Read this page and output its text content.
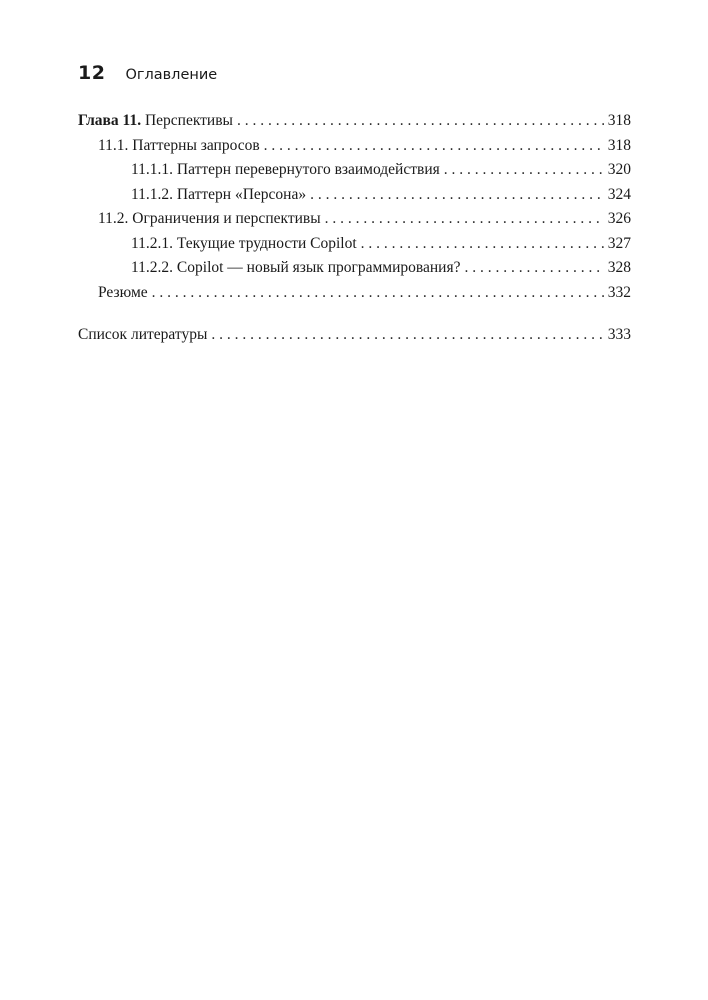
12 Оглавление
Глава 11. Перспективы . . .	318
11.1. Паттерны запросов . . .	318
11.1.1. Паттерн перевернутого взаимодействия . . .	320
11.1.2. Паттерн «Персона» . . .	324
11.2. Ограничения и перспективы . . .	326
11.2.1. Текущие трудности Copilot . . .	327
11.2.2. Copilot — новый язык программирования? . . .	328
Резюме . . .	332
Список литературы . . .	333
